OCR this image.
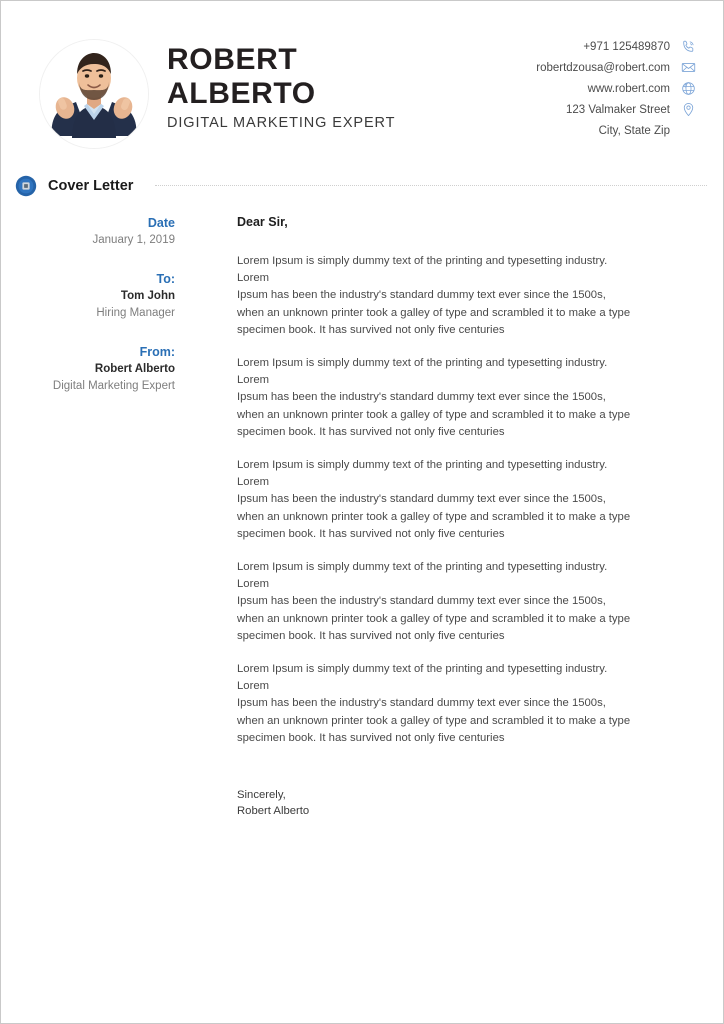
ROBERT
ALBERTO
DIGITAL MARKETING EXPERT
+971 125489870
robertdzousa@robert.com
www.robert.com
123 Valmaker Street
City, State Zip
Cover Letter
Date
January 1, 2019
To:
Tom John
Hiring Manager
From:
Robert Alberto
Digital Marketing Expert
Dear Sir,
Lorem Ipsum is simply dummy text of the printing and typesetting industry. Lorem
Ipsum has been the industry's standard dummy text ever since the 1500s,
when an unknown printer took a galley of type and scrambled it to make a type
specimen book. It has survived not only five centuries
Lorem Ipsum is simply dummy text of the printing and typesetting industry. Lorem
Ipsum has been the industry's standard dummy text ever since the 1500s,
when an unknown printer took a galley of type and scrambled it to make a type
specimen book. It has survived not only five centuries
Lorem Ipsum is simply dummy text of the printing and typesetting industry. Lorem
Ipsum has been the industry's standard dummy text ever since the 1500s,
when an unknown printer took a galley of type and scrambled it to make a type
specimen book. It has survived not only five centuries
Lorem Ipsum is simply dummy text of the printing and typesetting industry. Lorem
Ipsum has been the industry's standard dummy text ever since the 1500s,
when an unknown printer took a galley of type and scrambled it to make a type
specimen book. It has survived not only five centuries
Lorem Ipsum is simply dummy text of the printing and typesetting industry. Lorem
Ipsum has been the industry's standard dummy text ever since the 1500s,
when an unknown printer took a galley of type and scrambled it to make a type
specimen book. It has survived not only five centuries
Sincerely,
Robert Alberto
